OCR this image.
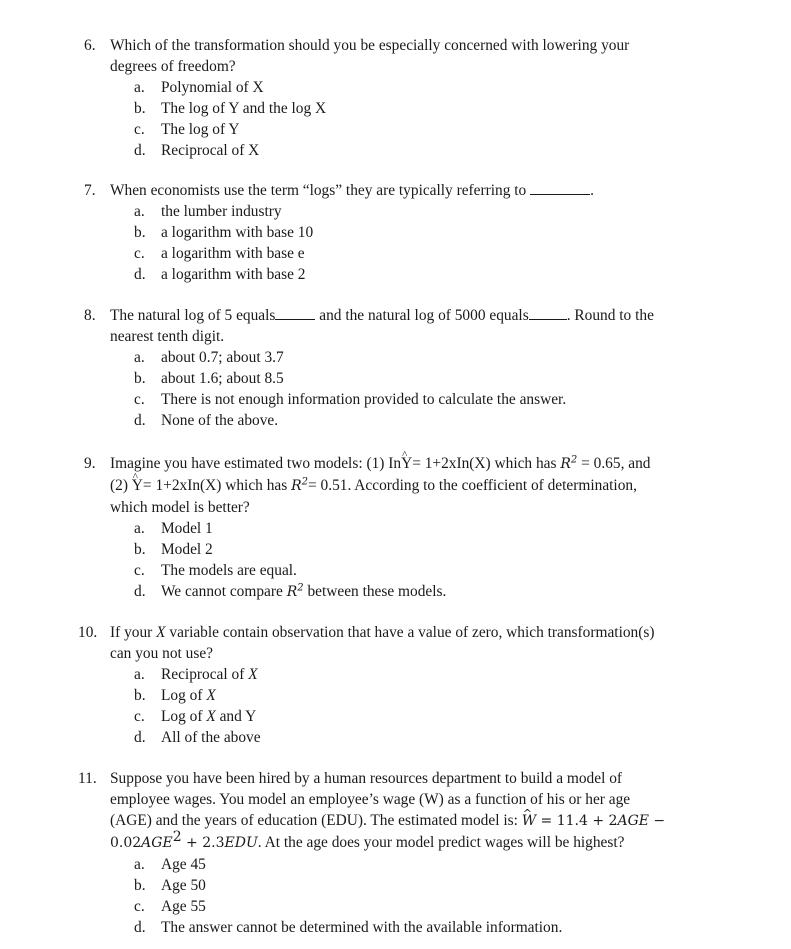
6. Which of the transformation should you be especially concerned with lowering your
degrees of freedom?
a. Polynomial of X
b. The log of Y and the log X
c. The log of Y
d. Reciprocal of X
7. When economists use the term “logs” they are typically referring to	.
a. the lumber industry
b. a logarithm with base 10
c. a logarithm with base e
d. a logarithm with base 2
8. The natural log of 5 equals	and the natural log of 5000 equals . Round to the
nearest tenth digit.
a. about 0.7; about 3.7
b. about 1.6; about 8.5
c. There is not enough information provided to calculate the answer.
d. None of the above.
9. Imagine you have estimated two models: (1) In^ Y= 1+2xIn(X) which has $R^2 = 0.65$, and
(2) ^ Y= 1+2xIn(X) which has $R^2= 0.51$. According to the coefficient of determination,
which model is better?
a. Model 1
b. Model 2
c. The models are equal.
d. We cannot compare $R^2$ between these models.
10. If your X variable contain observation that have a value of zero, which transformation(s)
can you not use?
a. Reciprocal of X
b. Log of X
c. Log of X and Y
d. All of the above
11. Suppose you have been hired by a human resources department to build a model of
employee wages. You model an employee’s wage (W) as a function of his or her age
(AGE) and the years of education (EDU). The estimated model is: ^ W = 11.4 + 2AGE −
$0.02AGE^2 + 2.3EDU$. At the age does your model predict wages will be highest?
a. Age 45
b. Age 50
c. Age 55
d. The answer cannot be determined with the available information.
